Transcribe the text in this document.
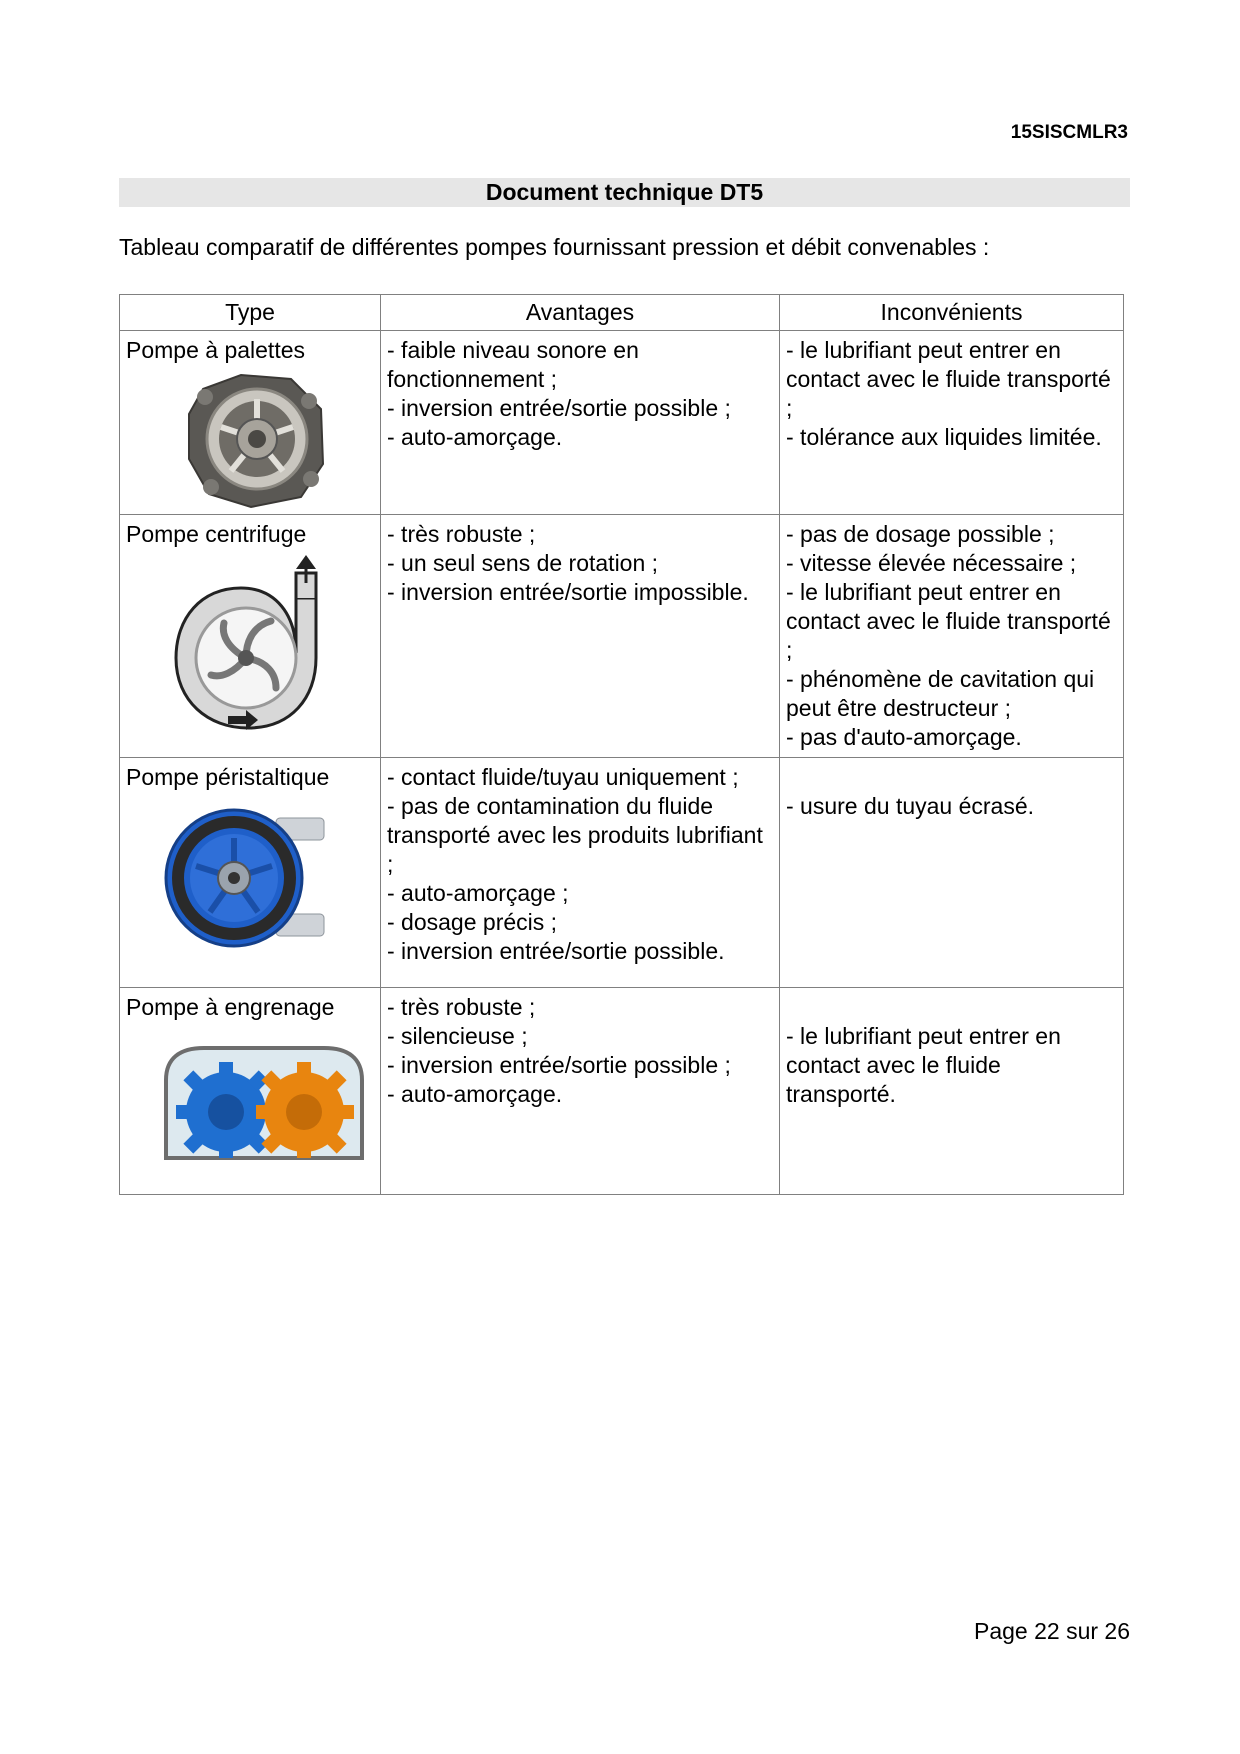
15SISCMLR3
Document technique DT5
Tableau comparatif de différentes pompes fournissant pression et débit convenables :
Type	Avantages	Inconvénients

Pompe à palettes	- faible niveau sonore en fonctionnement ;
- inversion entrée/sortie possible ;
- auto-amorçage.	- le lubrifiant peut entrer en contact avec le fluide transporté ;
- tolérance aux liquides limitée.

Pompe centrifuge	- très robuste ;
- un seul sens de rotation ;
- inversion entrée/sortie impossible.	- pas de dosage possible ;
- vitesse élevée nécessaire ;
- le lubrifiant peut entrer en contact avec le fluide transporté ;
- phénomène de cavitation qui peut être destructeur ;
- pas d'auto-amorçage.

Pompe péristaltique	- contact fluide/tuyau uniquement ;
- pas de contamination du fluide transporté avec les produits lubrifiant ;
- auto-amorçage ;
- dosage précis ;
- inversion entrée/sortie possible.	- usure du tuyau écrasé.

Pompe à engrenage	- très robuste ;
- silencieuse ;
- inversion entrée/sortie possible ;
- auto-amorçage.	- le lubrifiant peut entrer en contact avec le fluide transporté.
Page 22 sur 26
